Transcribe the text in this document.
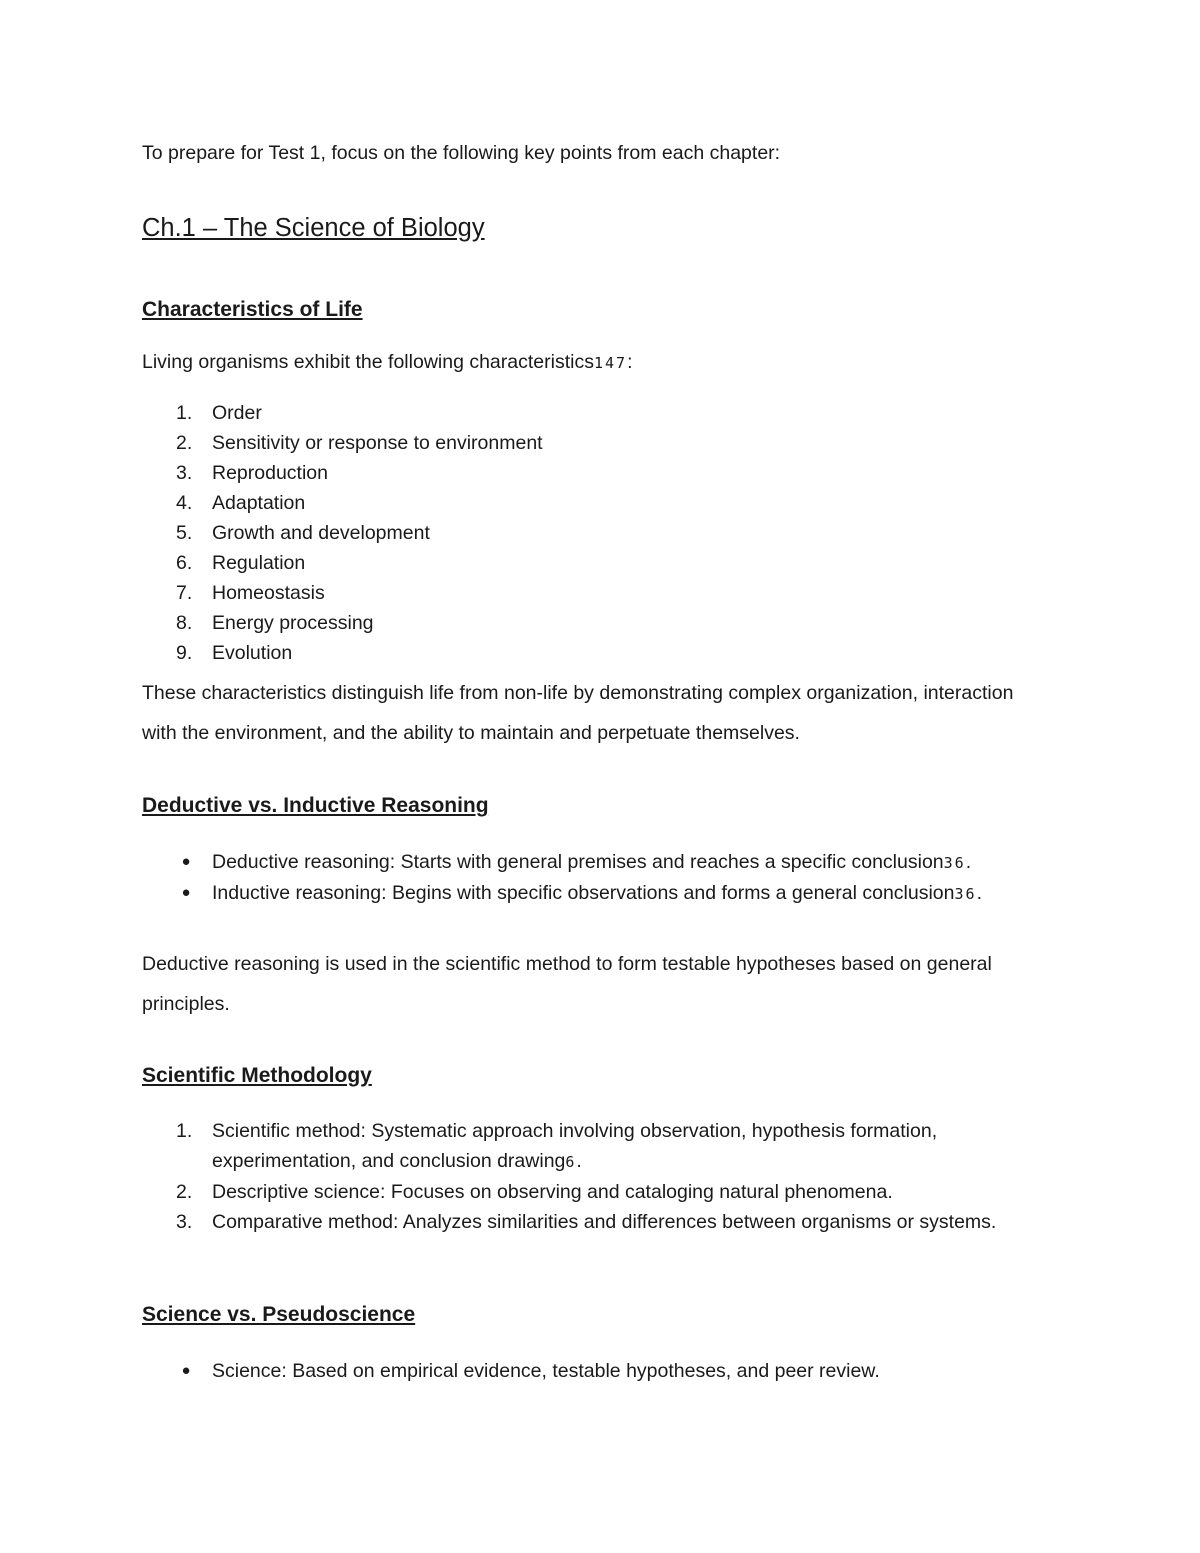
To prepare for Test 1, focus on the following key points from each chapter:
Ch.1 – The Science of Biology
Characteristics of Life
Living organisms exhibit the following characteristics147:
1.	Order
2.	Sensitivity or response to environment
3.	Reproduction
4.	Adaptation
5.	Growth and development
6.	Regulation
7.	Homeostasis
8.	Energy processing
9.	Evolution
These characteristics distinguish life from non-life by demonstrating complex organization, interaction with the environment, and the ability to maintain and perpetuate themselves.
Deductive vs. Inductive Reasoning
● Deductive reasoning: Starts with general premises and reaches a specific conclusion36.
● Inductive reasoning: Begins with specific observations and forms a general conclusion36.
Deductive reasoning is used in the scientific method to form testable hypotheses based on general principles.
Scientific Methodology
1.	Scientific method: Systematic approach involving observation, hypothesis formation, experimentation, and conclusion drawing6.
2.	Descriptive science: Focuses on observing and cataloging natural phenomena.
3.	Comparative method: Analyzes similarities and differences between organisms or systems.
Science vs. Pseudoscience
● Science: Based on empirical evidence, testable hypotheses, and peer review.
